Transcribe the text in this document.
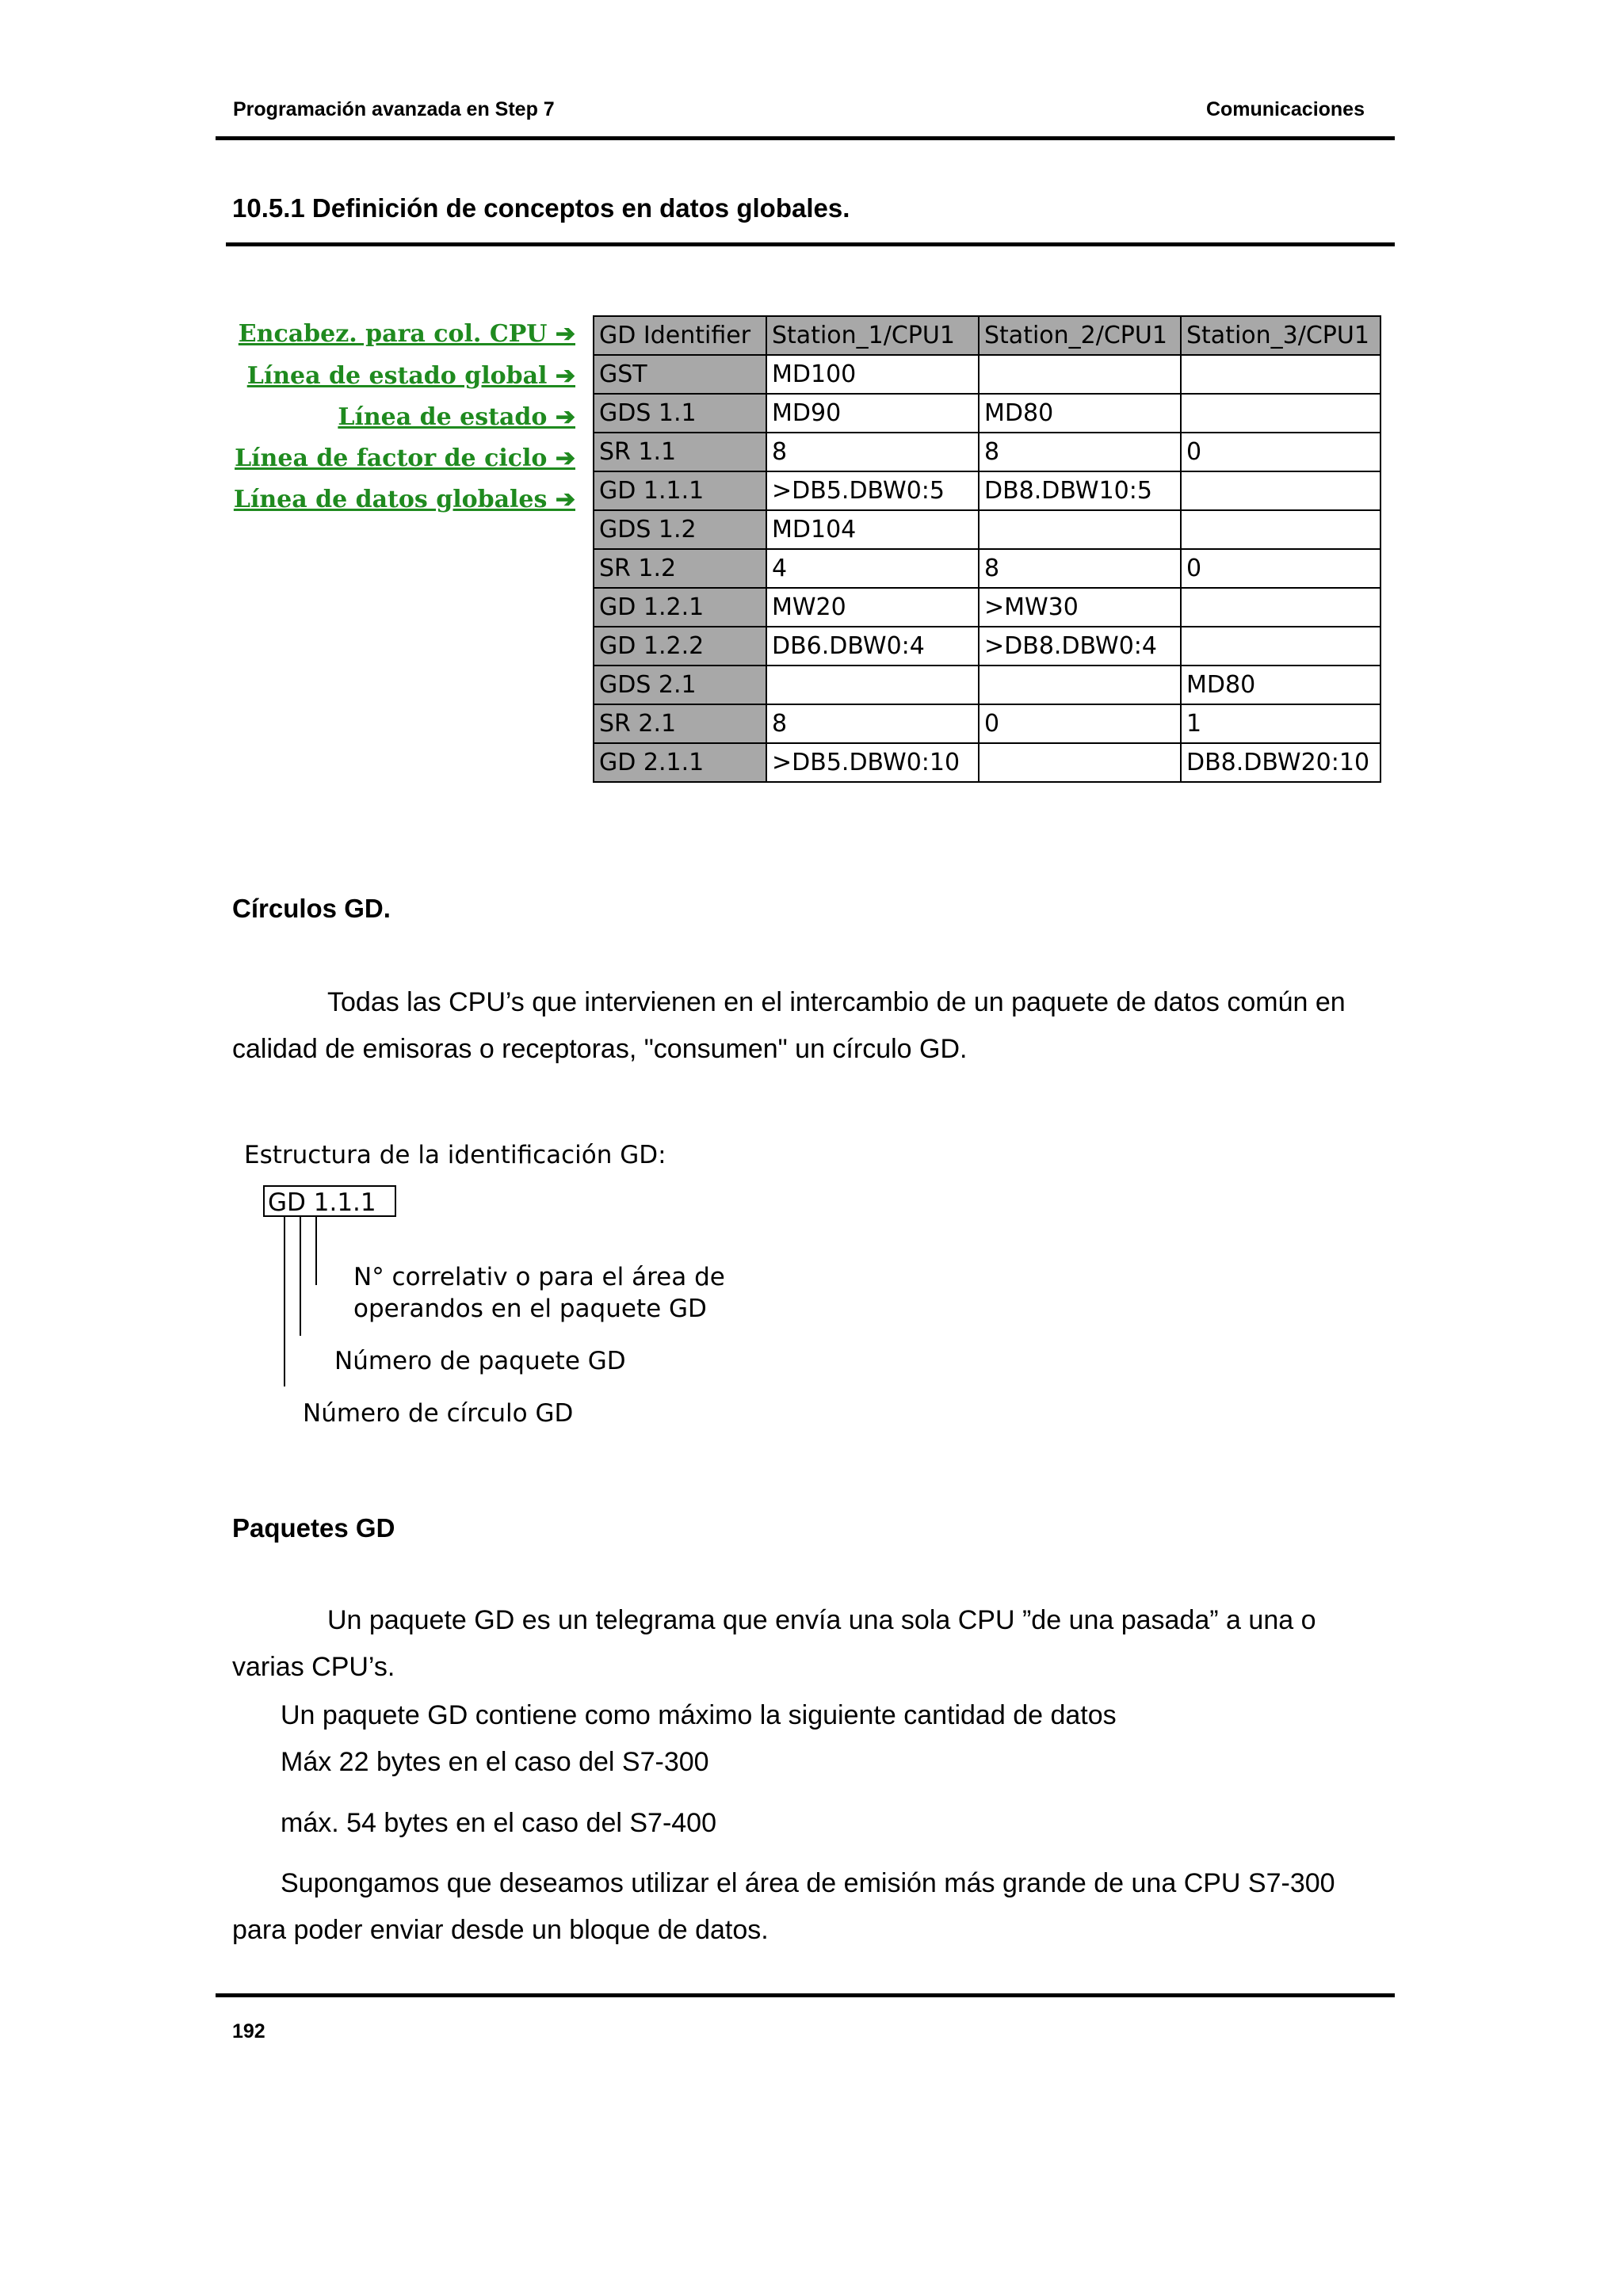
Programación avanzada en Step 7	Comunicaciones
10.5.1 Definición de conceptos en datos globales.
Encabez. para col. CPU ➔
Línea de estado global ➔
Línea de estado ➔
Línea de factor de ciclo ➔
Línea de datos globales ➔
GD Identifier	Station_1/CPU1	Station_2/CPU1	Station_3/CPU1
GST	MD100		
GDS 1.1	MD90	MD80	
SR 1.1	8	8	0
GD 1.1.1	>DB5.DBW0:5	DB8.DBW10:5	
GDS 1.2	MD104		
SR 1.2	4	8	0
GD 1.2.1	MW20	>MW30	
GD 1.2.2	DB6.DBW0:4	>DB8.DBW0:4	
GDS 2.1			MD80
SR 2.1	8	0	1
GD 2.1.1	>DB5.DBW0:10		DB8.DBW20:10
Círculos GD.
Todas las CPU’s que intervienen en el intercambio de un paquete de datos común en
calidad de emisoras o receptoras, "consumen" un círculo GD.
Estructura de la identificación GD:
GD 1.1.1
N° correlativ o para el área de
operandos en el paquete GD
Número de paquete GD
Número de círculo GD
Paquetes GD
Un paquete GD es un telegrama que envía una sola CPU ”de una pasada” a una o
varias CPU’s.
Un paquete GD contiene como máximo la siguiente cantidad de datos
Máx 22 bytes en el caso del S7-300
máx. 54 bytes en el caso del S7-400
Supongamos que deseamos utilizar el área de emisión más grande de una CPU S7-300
para poder enviar desde un bloque de datos.
192
